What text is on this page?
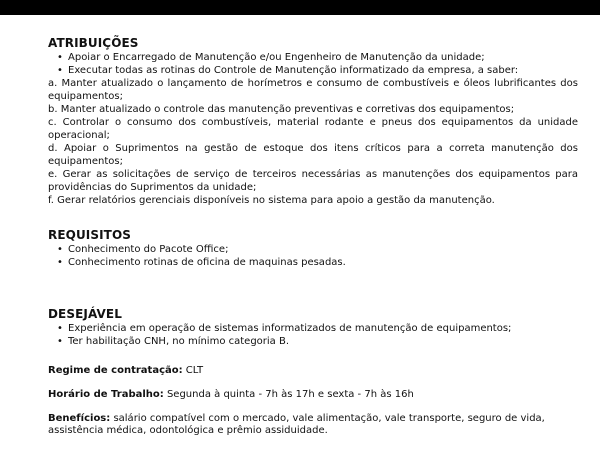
ATRIBUIÇÕES
• Apoiar o Encarregado de Manutenção e/ou Engenheiro de Manutenção da unidade;
• Executar todas as rotinas do Controle de Manutenção informatizado da empresa, a saber:

a. Manter atualizado o lançamento de horímetros e consumo de combustíveis e óleos lubrificantes dos equipamentos;

b. Manter atualizado o controle das manutenção preventivas e corretivas dos equipamentos;

c. Controlar o consumo dos combustíveis, material rodante e pneus dos equipamentos da unidade operacional;

d. Apoiar o Suprimentos na gestão de estoque dos itens críticos para a correta manutenção dos equipamentos;

e. Gerar as solicitações de serviço de terceiros necessárias as manutenções dos equipamentos para providências do Suprimentos da unidade;

f. Gerar relatórios gerenciais disponíveis no sistema para apoio a gestão da manutenção.

REQUISITOS
• Conhecimento do Pacote Office;
• Conhecimento rotinas de oficina de maquinas pesadas.
DESEJÁVEL
• Experiência em operação de sistemas informatizados de manutenção de equipamentos;
• Ter habilitação CNH, no mínimo categoria B.

Regime de contratação: CLT

Horário de Trabalho: Segunda à quinta - 7h às 17h e sexta - 7h às 16h

Benefícios: salário compatível com o mercado, vale alimentação, vale transporte, seguro de vida, assistência médica, odontológica e prêmio assiduidade.
